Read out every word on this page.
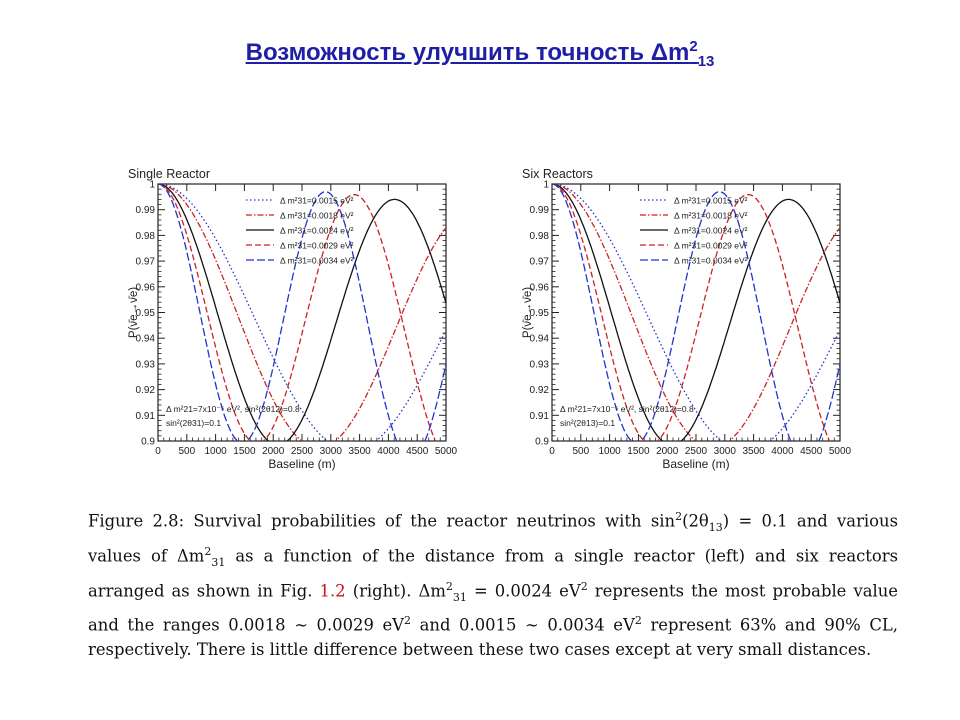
Возможность улучшить точность $\Delta m^2_{13}$
Single Reactor
0.9
0.91
0.92
0.93
0.94
0.95
0.96
0.97
0.98
0.99
1
0 500 1000 1500 2000 2500 3000 3500 4000 4500 5000
Baseline (m)
P(ν̄e→ν̄e)
Δ m²31=0.0015 eV²
Δ m²31=0.0018 eV²
Δ m²31=0.0024 eV²
Δ m²31=0.0029 eV²
Δ m²31=0.0034 eV²
Δ m²21=7x10⁻⁵ eV², sin²(2θ12)=0.8
sin²(2θ31)=0.1
Six Reactors
0.9
0.91
0.92
0.93
0.94
0.95
0.96
0.97
0.98
0.99
1
0 500 1000 1500 2000 2500 3000 3500 4000 4500 5000
Baseline (m)
P(ν̄e→ν̄e)
Δ m²31=0.0015 eV²
Δ m²31=0.0018 eV²
Δ m²31=0.0024 eV²
Δ m²31=0.0029 eV²
Δ m²31=0.0034 eV²
Δ m²21=7x10⁻⁵ eV², sin²(2θ12)=0.8
sin²(2θ13)=0.1
Figure 2.8: Survival probabilities of the reactor neutrinos with $\sin^2(2\theta_{13}) = 0.1$ and various values of $\Delta m^2_{31}$ as a function of the distance from a single reactor (left) and six reactors arranged as shown in Fig. 1.2 (right). $\Delta m^2_{31} = 0.0024$ $eV^2$ represents the most probable value and the ranges 0.0018 ∼ 0.0029 $eV^2$ and 0.0015 ∼ 0.0034 $eV^2$ represent 63% and 90% CL, respectively. There is little difference between these two cases except at very small distances.
